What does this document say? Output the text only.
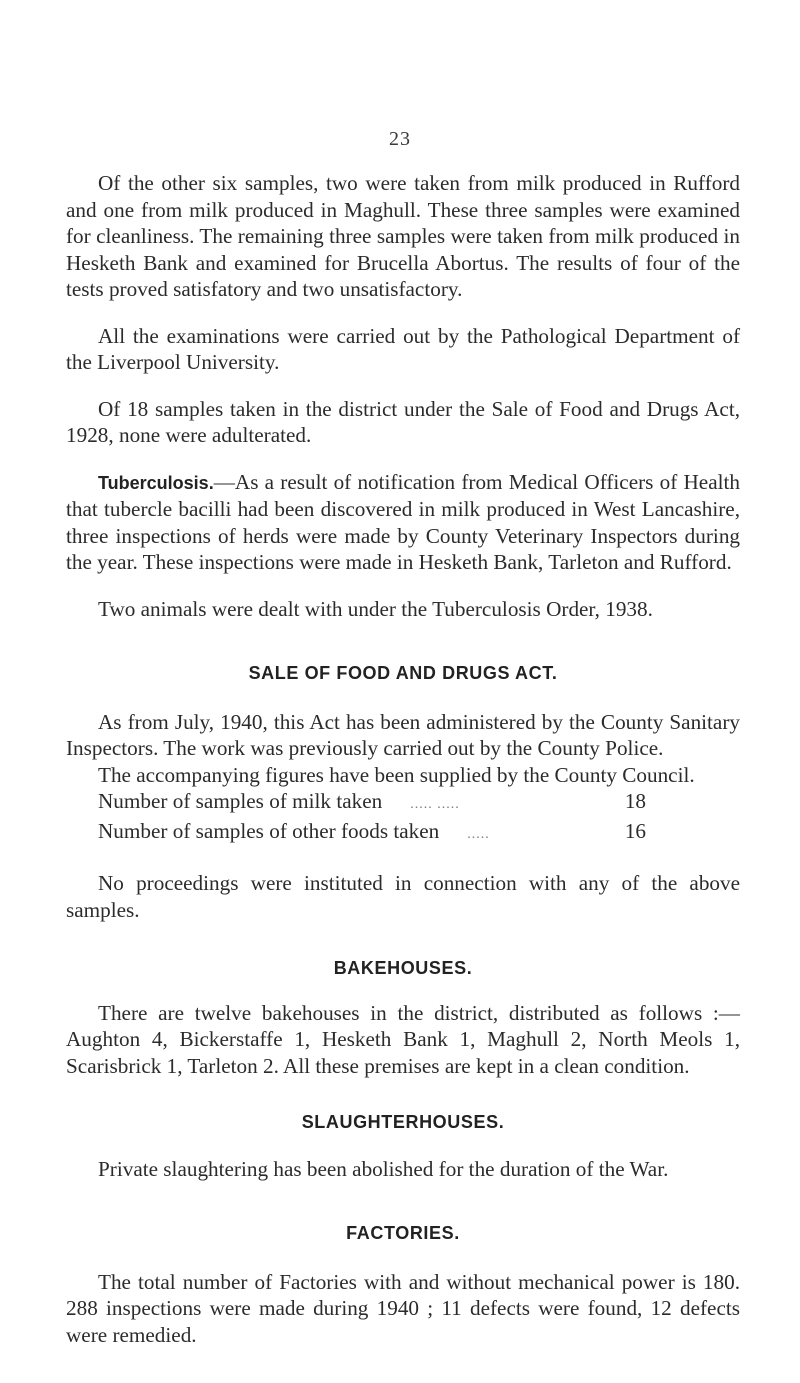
23

Of the other six samples, two were taken from milk produced in Rufford and one from milk produced in Maghull. These three samples were examined for cleanliness. The remaining three samples were taken from milk produced in Hesketh Bank and examined for Brucella Abortus. The results of four of the tests proved satisfatory and two unsatisfactory.

All the examinations were carried out by the Pathological Department of the Liverpool University.

Of 18 samples taken in the district under the Sale of Food and Drugs Act, 1928, none were adulterated.

Tuberculosis.—As a result of notification from Medical Officers of Health that tubercle bacilli had been discovered in milk produced in West Lancashire, three inspections of herds were made by County Veterinary Inspectors during the year. These inspections were made in Hesketh Bank, Tarleton and Rufford.

Two animals were dealt with under the Tuberculosis Order, 1938.

SALE OF FOOD AND DRUGS ACT.

As from July, 1940, this Act has been administered by the County Sanitary Inspectors. The work was previously carried out by the County Police.

The accompanying figures have been supplied by the County Council.

Number of samples of milk taken ..... .....	18
Number of samples of other foods taken .....	16

No proceedings were instituted in connection with any of the above samples.

BAKEHOUSES.

There are twelve bakehouses in the district, distributed as follows :—Aughton 4, Bickerstaffe 1, Hesketh Bank 1, Maghull 2, North Meols 1, Scarisbrick 1, Tarleton 2. All these premises are kept in a clean condition.

SLAUGHTERHOUSES.

Private slaughtering has been abolished for the duration of the War.

FACTORIES.

The total number of Factories with and without mechanical power is 180. 288 inspections were made during 1940 ; 11 defects were found, 12 defects were remedied.
